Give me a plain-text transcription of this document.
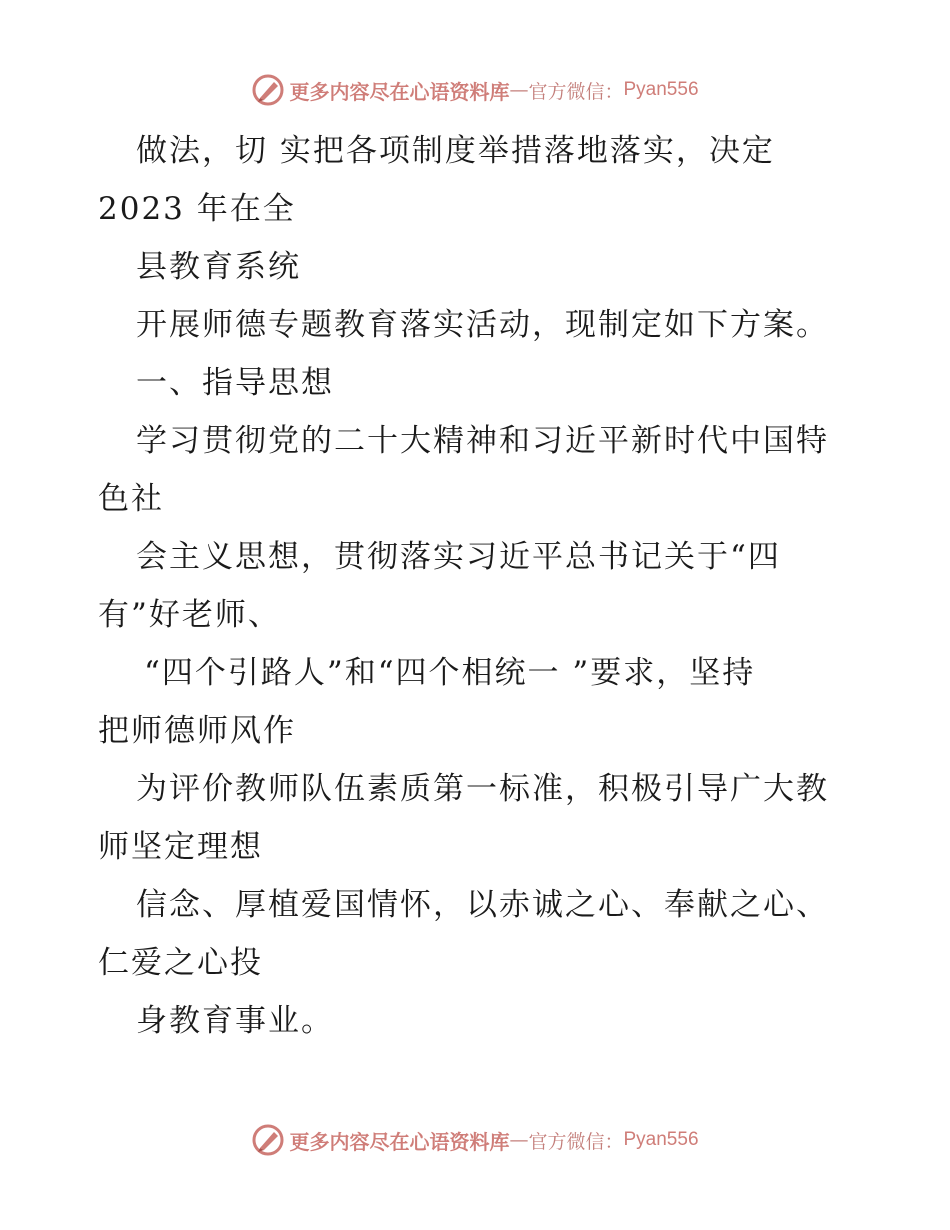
更多内容尽在心语资料库 — 官方微信： Pyan556
做法，切 实把各项制度举措落地落实，决定
2023 年在全
县教育系统
开展师德专题教育落实活动，现制定如下方案。
一、指导思想
学习贯彻党的二十大精神和习近平新时代中国特
色社
会主义思想，贯彻落实习近平总书记关于“四
有”好老师、
“四个引路人”和“四个相统一 ”要求，坚持
把师德师风作
为评价教师队伍素质第一标准，积极引导广大教
师坚定理想
信念、厚植爱国情怀，以赤诚之心、奉献之心、
仁爱之心投
身教育事业。
更多内容尽在心语资料库 — 官方微信： Pyan556
